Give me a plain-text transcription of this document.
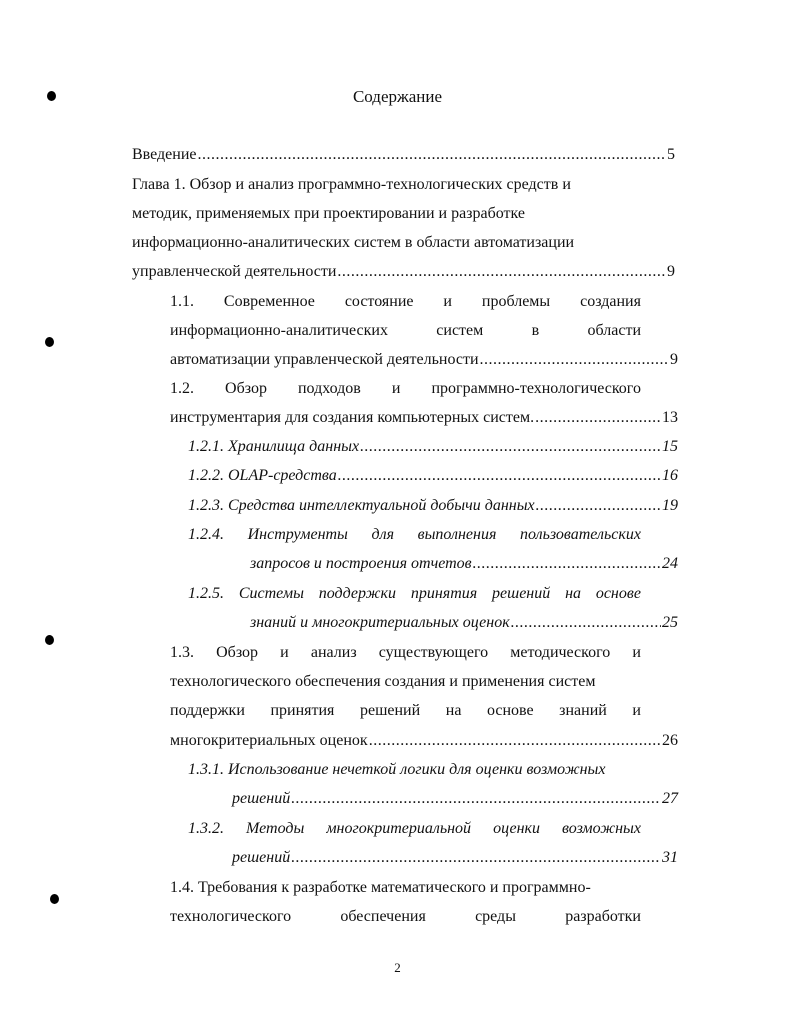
Содержание
Введение .....	5
Глава 1. Обзор и анализ программно-технологических средств и
методик, применяемых при проектировании и разработке
информационно-аналитических систем в области автоматизации
управленческой деятельности .....	9
1.1. Современное состояние и проблемы создания
информационно-аналитических	систем	в	области
автоматизации управленческой деятельности .....	9
1.2. Обзор подходов и программно-технологического
инструментария для создания компьютерных систем. .....	13
1.2.1. Хранилища данных .....	15
1.2.2. OLAP-средства .....	16
1.2.3. Средства интеллектуальной добычи данных .....	19
1.2.4. Инструменты для выполнения пользовательских
запросов и построения отчетов .....	24
1.2.5. Системы поддержки принятия решений на основе
знаний и многокритериальных оценок .....	25
1.3. Обзор и анализ существующего методического и
технологического обеспечения создания и применения систем
поддержки принятия решений на основе знаний и
многокритериальных оценок .....	26
1.3.1. Использование нечеткой логики для оценки возможных
решений .....	27
1.3.2. Методы многокритериальной оценки возможных
решений .....	31
1.4. Требования к разработке математического и программно-
технологического	обеспечения	среды	разработки
2
